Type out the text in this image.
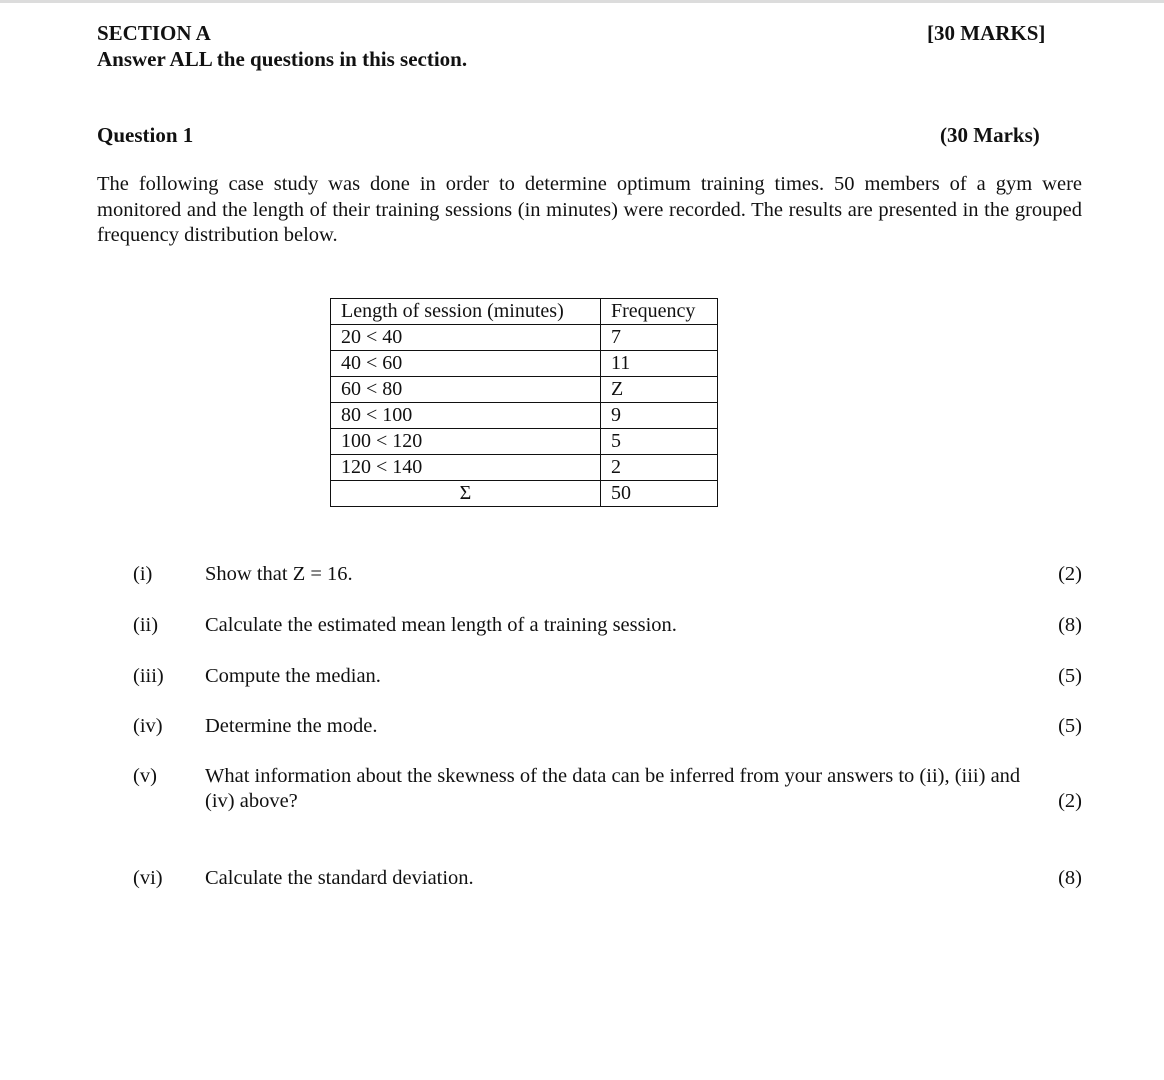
SECTION A	[30 MARKS]
Answer ALL the questions in this section.
Question 1	(30 Marks)
The following case study was done in order to determine optimum training times. 50 members of a gym were monitored and the length of their training sessions (in minutes) were recorded. The results are presented in the grouped frequency distribution below.
Length of session (minutes)	Frequency
20 < 40	7
40 < 60	11
60 < 80	Z
80 < 100	9
100 < 120	5
120 < 140	2
Σ	50
(i)	Show that Z = 16.	(2)
(ii) Calculate the estimated mean length of a training session.	(8)
(iii) Compute the median.	(5)
(iv) Determine the mode.	(5)
(v) What information about the skewness of the data can be inferred from your answers to (ii), (iii) and
(iv) above?	(2)
(vi) Calculate the standard deviation.	(8)
